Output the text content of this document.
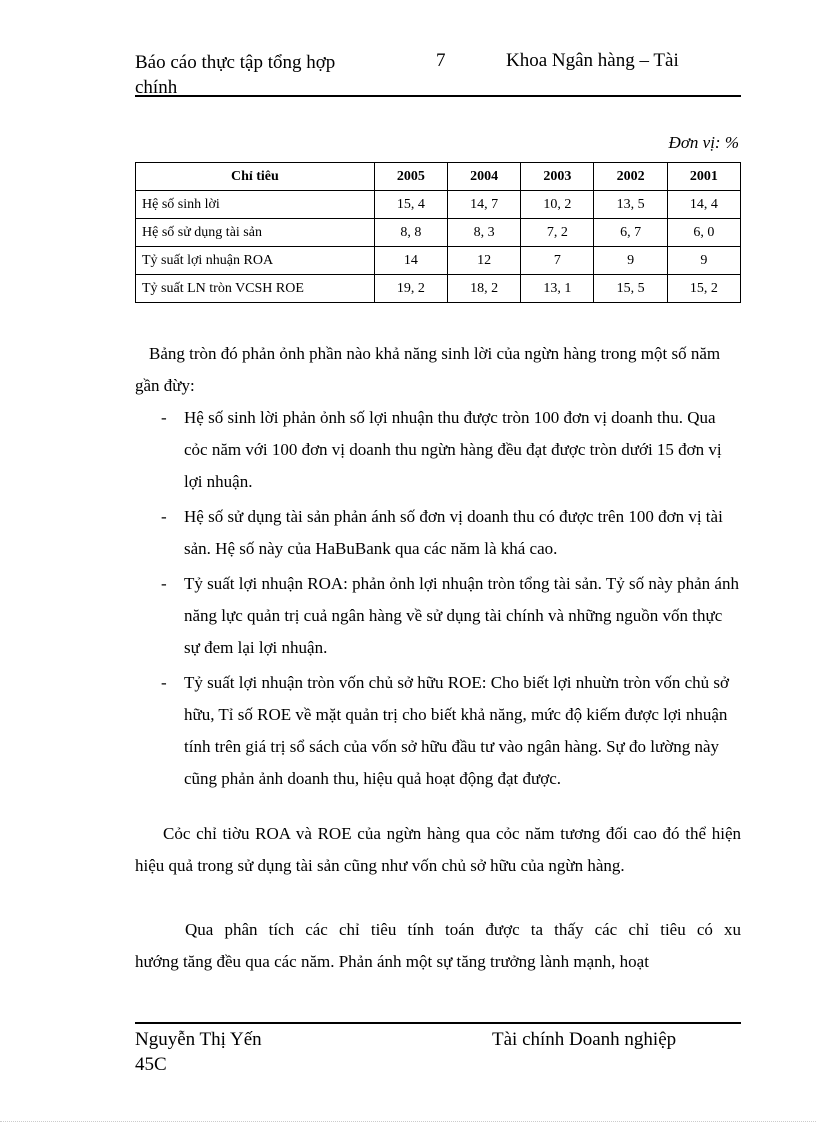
Báo cáo thực tập tổng hợp chính
7	Khoa Ngân hàng – Tài
Đơn vị: %
Chỉ tiêu	2005	2004	2003	2002	2001
Hệ số sinh lời	15, 4	14, 7	10, 2	13, 5	14, 4
Hệ số sử dụng tài sản	8, 8	8, 3	7, 2	6, 7	6, 0
Tỷ suất lợi nhuận ROA	14	12	7	9	9
Tỷ suất LN tròn VCSH ROE	19, 2	18, 2	13, 1	15, 5	15, 2

Bảng tròn đó phản ỏnh phần nào khả năng sinh lời của ngừn hàng trong một số năm gần đừy:

- Hệ số sinh lời phản ỏnh số lợi nhuận thu được tròn 100 đơn vị doanh thu. Qua cỏc năm với 100 đơn vị doanh thu ngừn hàng đều đạt được tròn dưới 15 đơn vị lợi nhuận.
- Hệ số sử dụng tài sản phản ánh số đơn vị doanh thu có được trên 100 đơn vị tài sản. Hệ số này của HaBuBank qua các năm là khá cao.
- Tỷ suất lợi nhuận ROA: phản ỏnh lợi nhuận tròn tổng tài sản. Tỷ số này phản ánh năng lực quản trị cuả ngân hàng về sử dụng tài chính và những nguồn vốn thực sự đem lại lợi nhuận.
- Tỷ suất lợi nhuận tròn vốn chủ sở hữu ROE: Cho biết lợi nhuừn tròn vốn chủ sở hữu, Tỉ số ROE về mặt quản trị cho biết khả năng, mức độ kiếm được lợi nhuận tính trên giá trị sổ sách của vốn sở hữu đầu tư vào ngân hàng. Sự đo lường này cũng phản ảnh doanh thu, hiệu quả hoạt động đạt được.

Cỏc chỉ tiờu ROA và ROE của ngừn hàng qua cỏc năm tương đối cao đó thể hiện hiệu quả trong sử dụng tài sản cũng như vốn chủ sở hữu của ngừn hàng.

Qua phân tích các chỉ tiêu tính toán được ta thấy các chỉ tiêu có xu
hướng tăng đều qua các năm. Phản ánh một sự tăng trưởng lành mạnh, hoạt

Nguyễn Thị Yến 45C
Tài chính Doanh nghiệp
